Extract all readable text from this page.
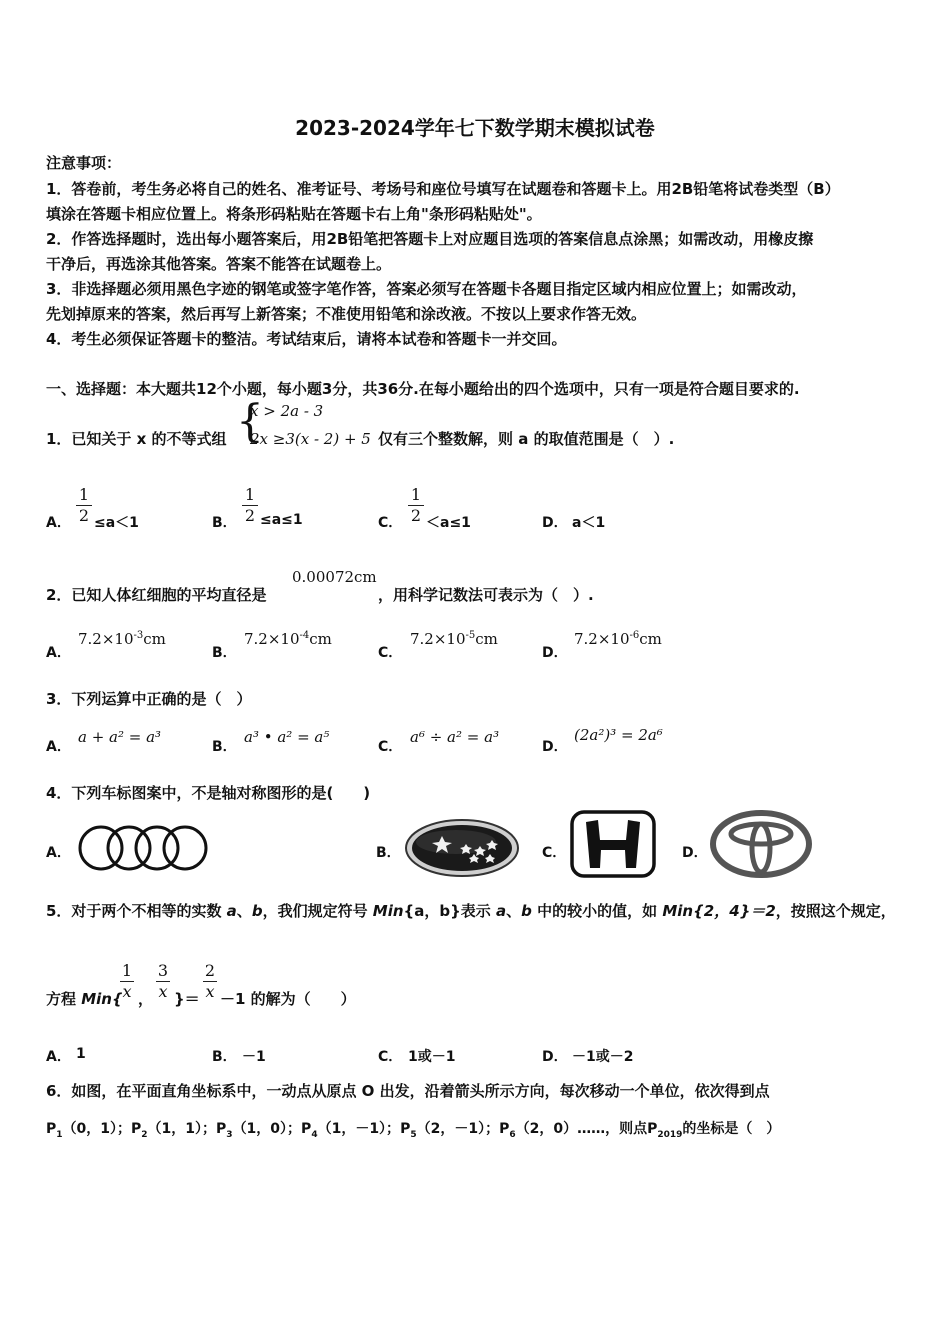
2023-2024学年七下数学期末模拟试卷
注意事项：
1．答卷前，考生务必将自己的姓名、准考证号、考场号和座位号填写在试题卷和答题卡上。用2B铅笔将试卷类型（B）
填涂在答题卡相应位置上。将条形码粘贴在答题卡右上角"条形码粘贴处"。
2．作答选择题时，选出每小题答案后，用2B铅笔把答题卡上对应题目选项的答案信息点涂黑；如需改动，用橡皮擦
干净后，再选涂其他答案。答案不能答在试题卷上。
3．非选择题必须用黑色字迹的钢笔或签字笔作答，答案必须写在答题卡各题目指定区域内相应位置上；如需改动，
先划掉原来的答案，然后再写上新答案；不准使用铅笔和涂改液。不按以上要求作答无效。
4．考生必须保证答题卡的整洁。考试结束后，请将本试卷和答题卡一并交回。
一、选择题：本大题共12个小题，每小题3分，共36分.在每小题给出的四个选项中，只有一项是符合题目要求的.
1．已知关于 x 的不等式组 {
x > 2a - 3
2x ≥3(x - 2) + 5 仅有三个整数解，则 a 的取值范围是（　）.
A．
1
2 ≤a＜1	B．
1
2 ≤a≤1	C．
1
2 ＜a≤1	D． a＜1
2．已知人体红细胞的平均直径是
0.00072cm
，用科学记数法可表示为（　）.
A．
$7.2\times 10^{-3}cm$
B．
$7.2\times 10^{-4}cm$
C．
$7.2\times 10^{-5}cm$
D．
$7.2\times 10^{-6}cm$
3．下列运算中正确的是（　）
A．
a + a² = a³
B．
a³ • a² = a⁵
C．
a⁶ ÷ a² = a³
D．
(2a²)³ = 2a⁶
4．下列车标图案中，不是轴对称图形的是(　　)
A．	B．	C．	D．
5．对于两个不相等的实数 a、b，我们规定符号 Min{a，b}表示 a、b 中的较小的值，如 Min{2，4}＝2，按照这个规定，
方程 Min{
1
x ，
3
x }＝
2
x －1 的解为（　　）
A． 1	B． －1	C． 1或－1	D． －1或－2
6．如图，在平面直角坐标系中，一动点从原点 O 出发，沿着箭头所示方向，每次移动一个单位，依次得到点
$P_1(0$，1）；$P_2(1$，1）；$P_3(1$，0）；$P_4(1$，－1）；$P_5(2$，－1）；$P_6(2$，0）……，则点$P_{2019}$的坐标是（　）
